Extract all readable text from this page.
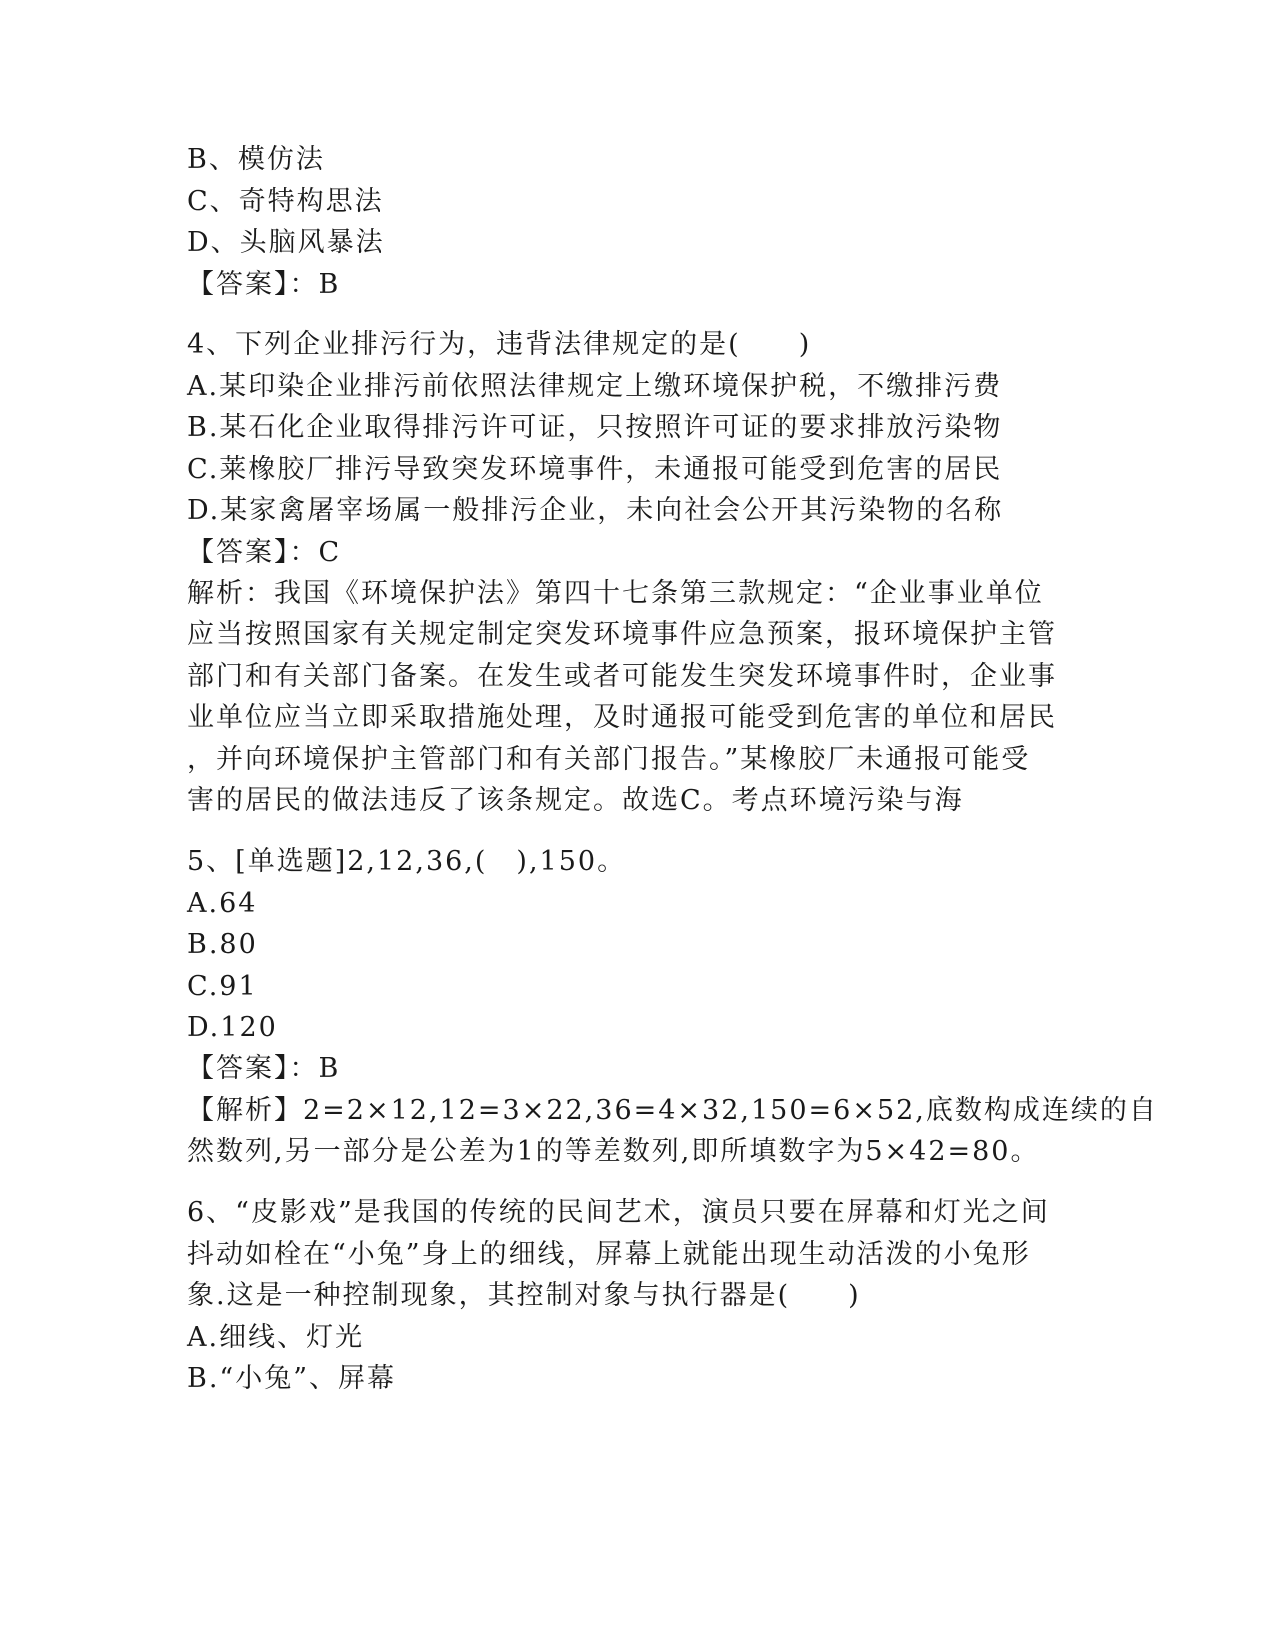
B、模仿法
C、奇特构思法
D、头脑风暴法
【答案】：B
4、下列企业排污行为，违背法律规定的是(　　)
A.某印染企业排污前依照法律规定上缴环境保护税，不缴排污费
B.某石化企业取得排污许可证，只按照许可证的要求排放污染物
C.莱橡胶厂排污导致突发环境事件，未通报可能受到危害的居民
D.某家禽屠宰场属一般排污企业，未向社会公开其污染物的名称
【答案】：C
解析：我国《环境保护法》第四十七条第三款规定：“企业事业单位
应当按照国家有关规定制定突发环境事件应急预案，报环境保护主管
部门和有关部门备案。在发生或者可能发生突发环境事件时，企业事
业单位应当立即采取措施处理，及时通报可能受到危害的单位和居民
，并向环境保护主管部门和有关部门报告。”某橡胶厂未通报可能受
害的居民的做法违反了该条规定。故选C。考点环境污染与海
5、[单选题]2,12,36,(　),150。
A.64
B.80
C.91
D.120
【答案】：B
【解析】2=2×12,12=3×22,36=4×32,150=6×52,底数构成连续的自
然数列,另一部分是公差为1的等差数列,即所填数字为5×42=80。
6、“皮影戏”是我国的传统的民间艺术，演员只要在屏幕和灯光之间
抖动如栓在“小兔”身上的细线，屏幕上就能出现生动活泼的小兔形
象.这是一种控制现象，其控制对象与执行器是(　　)
A.细线、灯光
B.“小兔”、屏幕
